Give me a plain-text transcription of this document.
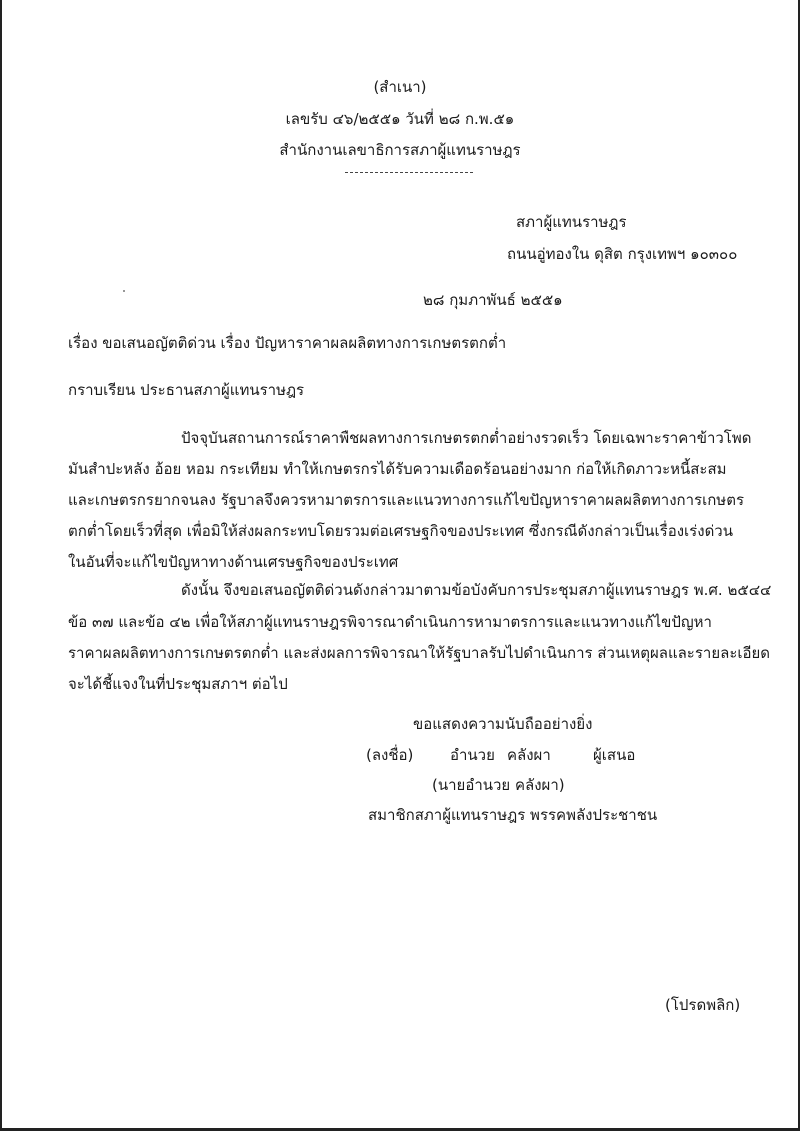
(สำเนา)
เลขรับ ๔๖/๒๕๕๑ วันที่ ๒๘ ก.พ.๕๑
สำนักงานเลขาธิการสภาผู้แทนราษฎร
สภาผู้แทนราษฎร
ถนนอู่ทองใน ดุสิต กรุงเทพฯ ๑๐๓๐๐
๒๘ กุมภาพันธ์ ๒๕๕๑
เรื่อง ขอเสนอญัตติด่วน เรื่อง ปัญหาราคาผลผลิตทางการเกษตรตกต่ำ
กราบเรียน ประธานสภาผู้แทนราษฎร
ปัจจุบันสถานการณ์ราคาพืชผลทางการเกษตรตกต่ำอย่างรวดเร็ว โดยเฉพาะราคาข้าวโพด
มันสำปะหลัง อ้อย หอม กระเทียม ทำให้เกษตรกรได้รับความเดือดร้อนอย่างมาก ก่อให้เกิดภาวะหนี้สะสม
และเกษตรกรยากจนลง รัฐบาลจึงควรหามาตรการและแนวทางการแก้ไขปัญหาราคาผลผลิตทางการเกษตร
ตกต่ำโดยเร็วที่สุด เพื่อมิให้ส่งผลกระทบโดยรวมต่อเศรษฐกิจของประเทศ ซึ่งกรณีดังกล่าวเป็นเรื่องเร่งด่วน
ในอันที่จะแก้ไขปัญหาทางด้านเศรษฐกิจของประเทศ
ดังนั้น จึงขอเสนอญัตติด่วนดังกล่าวมาตามข้อบังคับการประชุมสภาผู้แทนราษฎร พ.ศ. ๒๕๔๔
ข้อ ๓๗ และข้อ ๔๒ เพื่อให้สภาผู้แทนราษฎรพิจารณาดำเนินการหามาตรการและแนวทางแก้ไขปัญหา
ราคาผลผลิตทางการเกษตรตกต่ำ และส่งผลการพิจารณาให้รัฐบาลรับไปดำเนินการ ส่วนเหตุผลและรายละเอียด
จะได้ชี้แจงในที่ประชุมสภาฯ ต่อไป
ขอแสดงความนับถืออย่างยิ่ง
(ลงชื่อ) อำนวย คลังผา	ผู้เสนอ
(นายอำนวย คลังผา)
สมาชิกสภาผู้แทนราษฎร พรรคพลังประชาชน
(โปรดพลิก)
